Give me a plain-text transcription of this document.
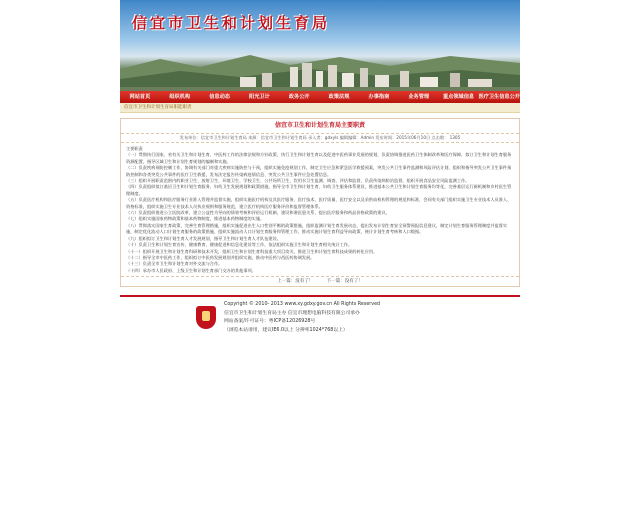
信宜市卫生和计划生育局
网站首页	组织机构	信息动态	阳光卫计	政务公开	政策法规	办事指南	业务管理	重点领域信息 医疗卫生信息公开
信宜市卫生和计划生育局职能职责
信宜市卫生和计划生育局主要职责
发布单位：信宜市卫生和计划生育局 来源：信宜市卫生和计划生育局 录入者：gdxyls 编辑编辑：Admin 发布时间：2015年06月10日 点击数： 1305

主要职责

（一）贯彻执行国家、省有关卫生和计划生育、中医药工作的法律法规和方针政策，执行卫生和计划生育以及促进中医药事业发展的规划，负责协调推进医药卫生体制改革和医疗保障，拟订卫生和计划生育服务资源配置，指导区域卫生和计划生育规划的编制和实施。

（二）负责疾病预防控制工作，协调有关部门对重大疾病实施防控与干预，组织实施免疫规划工作，制定卫生应急和紧急医学救援预案，突发公共卫生事件监测和风险评估计划，组织和指导突发公共卫生事件预防控制和各类突发公共事件的医疗卫生救援，发布法定报告传染病疫情信息、突发公共卫生事件应急处置信息。

（三）组织开展职责范围内的职业卫生、放射卫生、环境卫生、学校卫生、公共场所卫生、饮用水卫生监测、调查、评估和监督，负责传染病防治监督，组织开展食品安全风险监测工作。

（四）负责组织拟订基层卫生和计划生育服务、妇幼卫生发展规划和政策措施，指导全市卫生和计划生育、妇幼卫生服务体系建设，推进基本公共卫生和计划生育服务均等化，完善基层运行新机制和乡村医生管理制度。

（五）负责医疗机构和医疗服务行业准入管理并监督实施，组织实施医疗机构及其医疗服务、医疗技术、医疗质量、医疗安全以及采供血机构管理的规范和标准，会同有关部门组织实施卫生专业技术人员准入、资格标准，组织实施卫生专业技术人员执业规则和服务规范，建立医疗机构医疗服务评价和监督管理体系。

（六）负责组织推进公立医院改革，建立公益性为导向的绩效考核和评价运行机制，建设和谐医患关系，提出医疗服务和药品价格政策的建议。

（七）组织实施国家药物政策和基本药物制度，推进基本药物制度的实施。

（八）贯彻落实国家生育政策，完善生育管理措施，组织实施促进出生人口性别平衡的政策措施，组织监测计划生育发展动态，提出发布计划生育安全预警预报信息建议，制定计划生育服务管理制度并监督实施，制定优化流动人口计划生育服务的政策措施，组织实施流动人口计划生育服务和管理工作，推动实施计划生育利益导向政策，统计计划生育考核和人口数据。

（九）组织拟订卫生和计划生育人才发展规划，指导卫生和计划生育人才队伍建设。

（十）负责卫生和计划生育宣传、健康教育、健康促进和信息化建设等工作，依法组织实施卫生和计划生育相关统计工作。

（十一）组织开展卫生和计划生育科研和技术开发，组织卫生和计划生育科技重大项目攻关，推进卫生和计划生育科技成果的转化应用。

（十二）指导全市中医药工作，组织拟订中医药发展规划并组织实施，推动中医药与西医药协调发展。

（十三）负责全市卫生和计划生育对外交流与合作。

（十四）承办市人民政府、上级卫生和计划生育部门交办的其他事项。

上一篇：没有了！	下一篇：没有了！
Copyright © 2010- 2013 www.xy.gdxy.gov.cn All Rights Reserved
信宜市卫生和计划生育局主办 信宜市理想电脑科技有限公司承办
网站备案/许可证号：粤ICP备12026928号
（浏览本站请用，建议IE6.0以上 分辨率1024*768以上）
